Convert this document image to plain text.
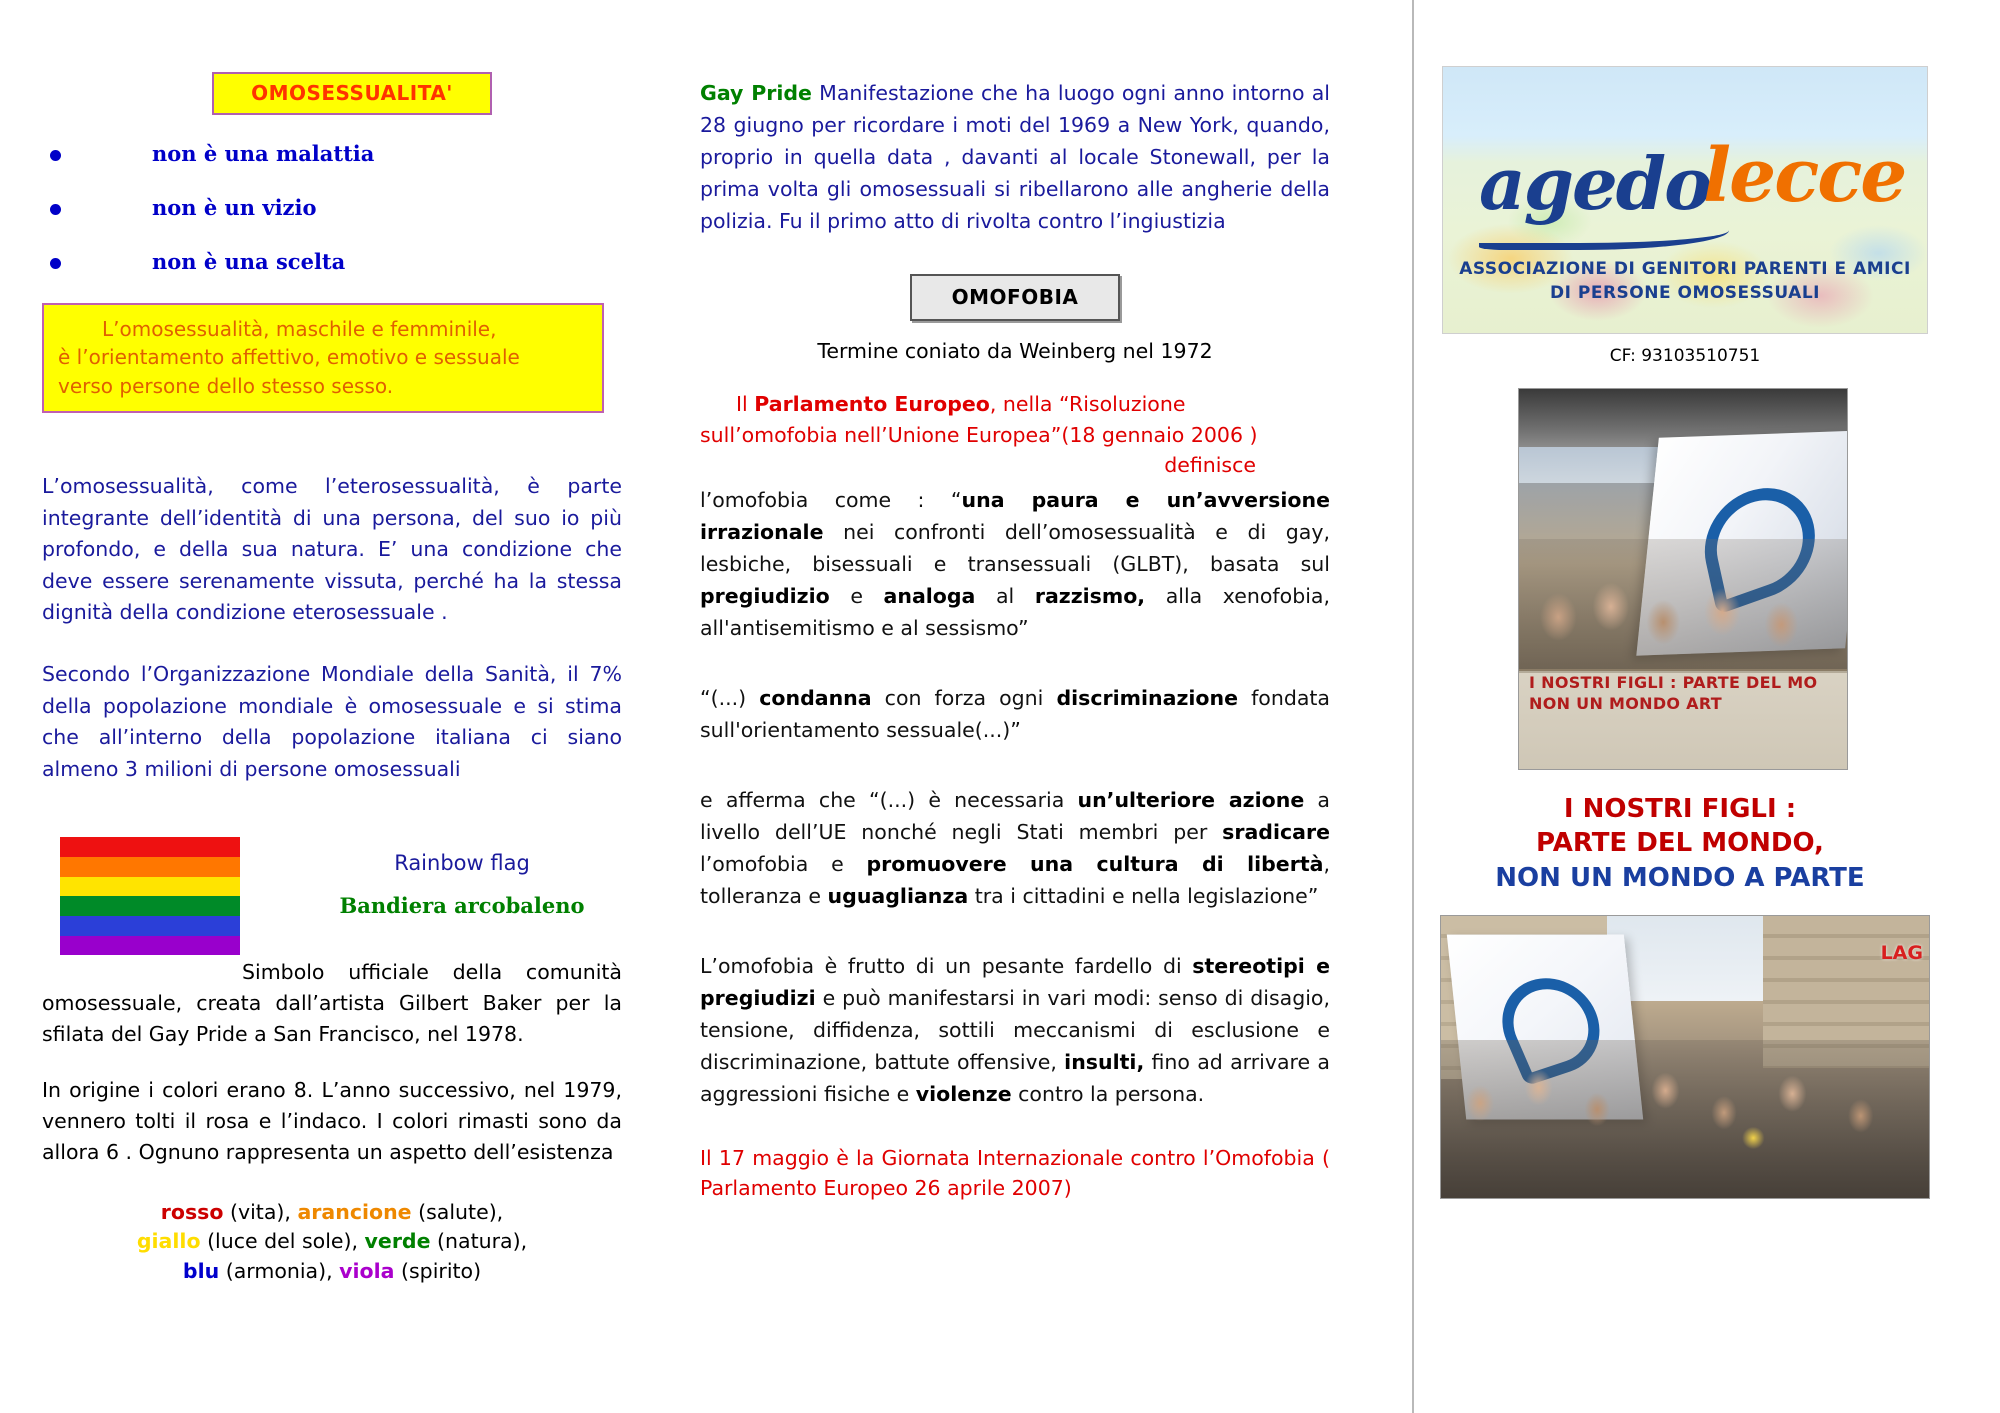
OMOSESSUALITA'
non è una malattia
non è un vizio
non è una scelta

L’omosessualità, maschile e femminile,
è l’orientamento affettivo, emotivo e sessuale
verso persone dello stesso sesso.

L’omosessualità, come l’eterosessualità, è parte integrante dell’identità di una persona, del suo io più profondo, e della sua natura. E’ una condizione che deve essere serenamente vissuta, perché ha la stessa dignità della condizione eterosessuale .

Secondo l’Organizzazione Mondiale della Sanità, il 7% della popolazione mondiale è omosessuale e si stima che all’interno della popolazione italiana ci siano almeno 3 milioni di persone omosessuali

Rainbow flag
Bandiera arcobaleno

Simbolo ufficiale della comunità omosessuale, creata dall’artista Gilbert Baker per la sfilata del Gay Pride a San Francisco, nel 1978.

In origine i colori erano 8. L’anno successivo, nel 1979, vennero tolti il rosa e l’indaco. I colori rimasti sono da allora 6 . Ognuno rappresenta un aspetto dell’esistenza

rosso (vita), arancione (salute),
giallo (luce del sole), verde (natura),
blu (armonia), viola (spirito)

Gay Pride Manifestazione che ha luogo ogni anno intorno al 28 giugno per ricordare i moti del 1969 a New York, quando, proprio in quella data , davanti al locale Stonewall, per la prima volta gli omosessuali si ribellarono alle angherie della polizia. Fu il primo atto di rivolta contro l’ingiustizia

OMOFOBIA

Termine coniato da Weinberg nel 1972

Il Parlamento Europeo, nella “Risoluzione
sull’omofobia nell’Unione Europea”(18 gennaio 2006 )
definisce

l’omofobia come : “una paura e un’avversione irrazionale nei confronti dell’omosessualità e di gay, lesbiche, bisessuali e transessuali (GLBT), basata sul pregiudizio e analoga al razzismo, alla xenofobia, all'antisemitismo e al sessismo”

“(...) condanna con forza ogni discriminazione fondata sull'orientamento sessuale(...)”

e afferma che “(...) è necessaria un’ulteriore azione a livello dell’UE nonché negli Stati membri per sradicare l’omofobia e promuovere una cultura di libertà, tolleranza e uguaglianza tra i cittadini e nella legislazione”

L’omofobia è frutto di un pesante fardello di stereotipi e pregiudizi e può manifestarsi in vari modi: senso di disagio, tensione, diffidenza, sottili meccanismi di esclusione e discriminazione, battute offensive, insulti, fino ad arrivare a aggressioni fisiche e violenze contro la persona.

Il 17 maggio è la Giornata Internazionale contro l’Omofobia ( Parlamento Europeo 26 aprile 2007)

agedo
lecce
ASSOCIAZIONE DI GENITORI PARENTI E AMICI
DI PERSONE OMOSESSUALI
CF: 93103510751
I NOSTRI FIGLI : PARTE DEL MO NON UN MONDO ART
I NOSTRI FIGLI :
PARTE DEL MONDO,
NON UN MONDO A PARTE
LAG
